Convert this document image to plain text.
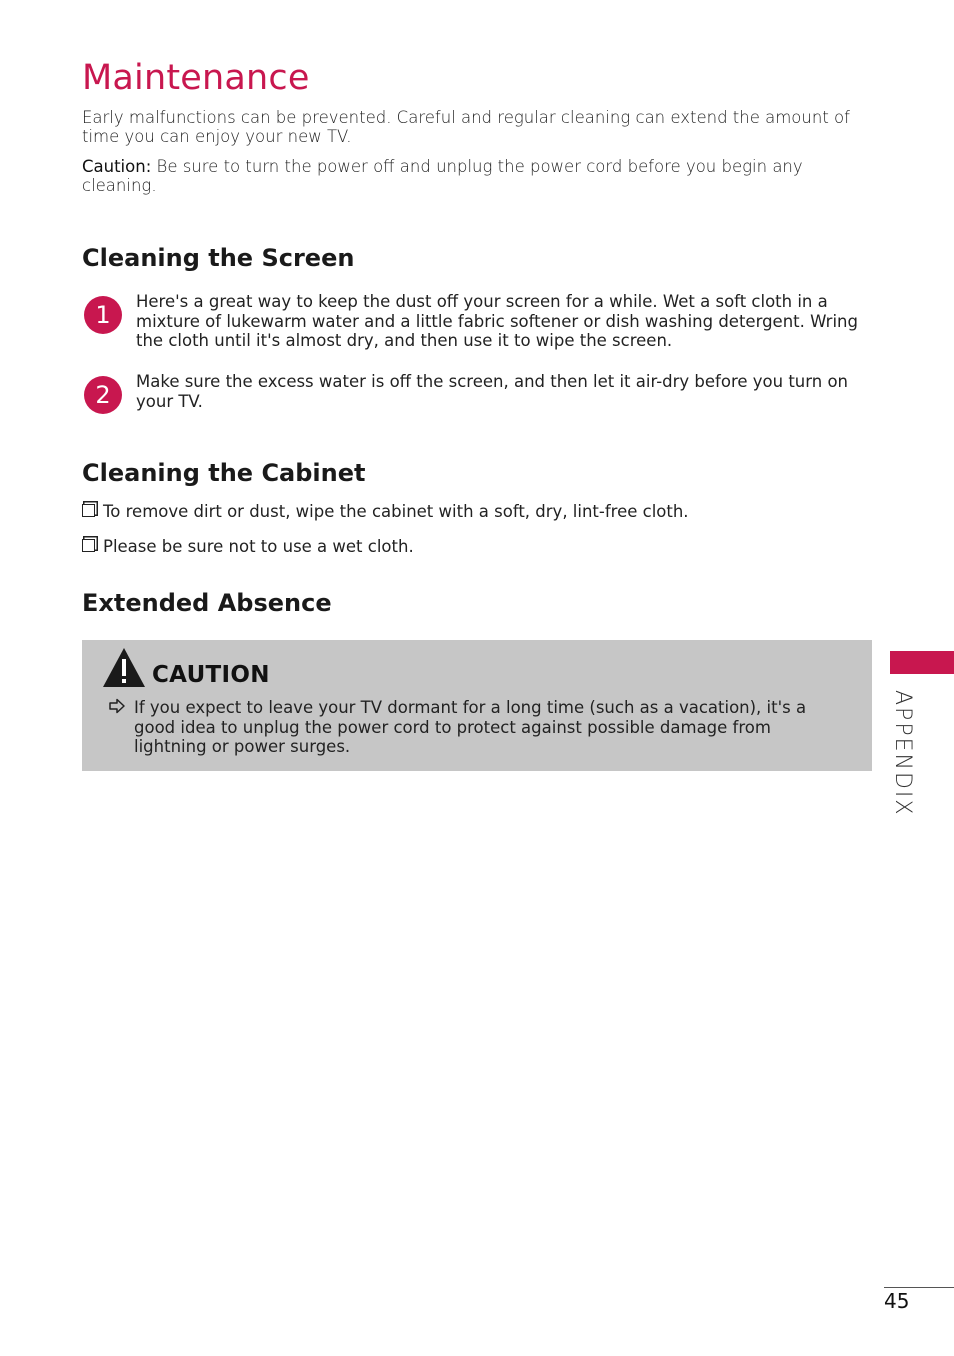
Maintenance

Early malfunctions can be prevented. Careful and regular cleaning can extend the amount of time you can enjoy your new TV.

Caution: Be sure to turn the power off and unplug the power cord before you begin any cleaning.

Cleaning the Screen
1	Here's a great way to keep the dust off your screen for a while. Wet a soft cloth in a mixture of lukewarm water and a little fabric softener or dish washing detergent. Wring the cloth until it's almost dry, and then use it to wipe the screen.

2	Make sure the excess water is off the screen, and then let it air-dry before you turn on your TV.

Cleaning the Cabinet
To remove dirt or dust, wipe the cabinet with a soft, dry, lint-free cloth.
Please be sure not to use a wet cloth.
Extended Absence
CAUTION

If you expect to leave your TV dormant for a long time (such as a vacation), it's a good idea to unplug the power cord to protect against possible damage from lightning or power surges.	APPENDIX
45
